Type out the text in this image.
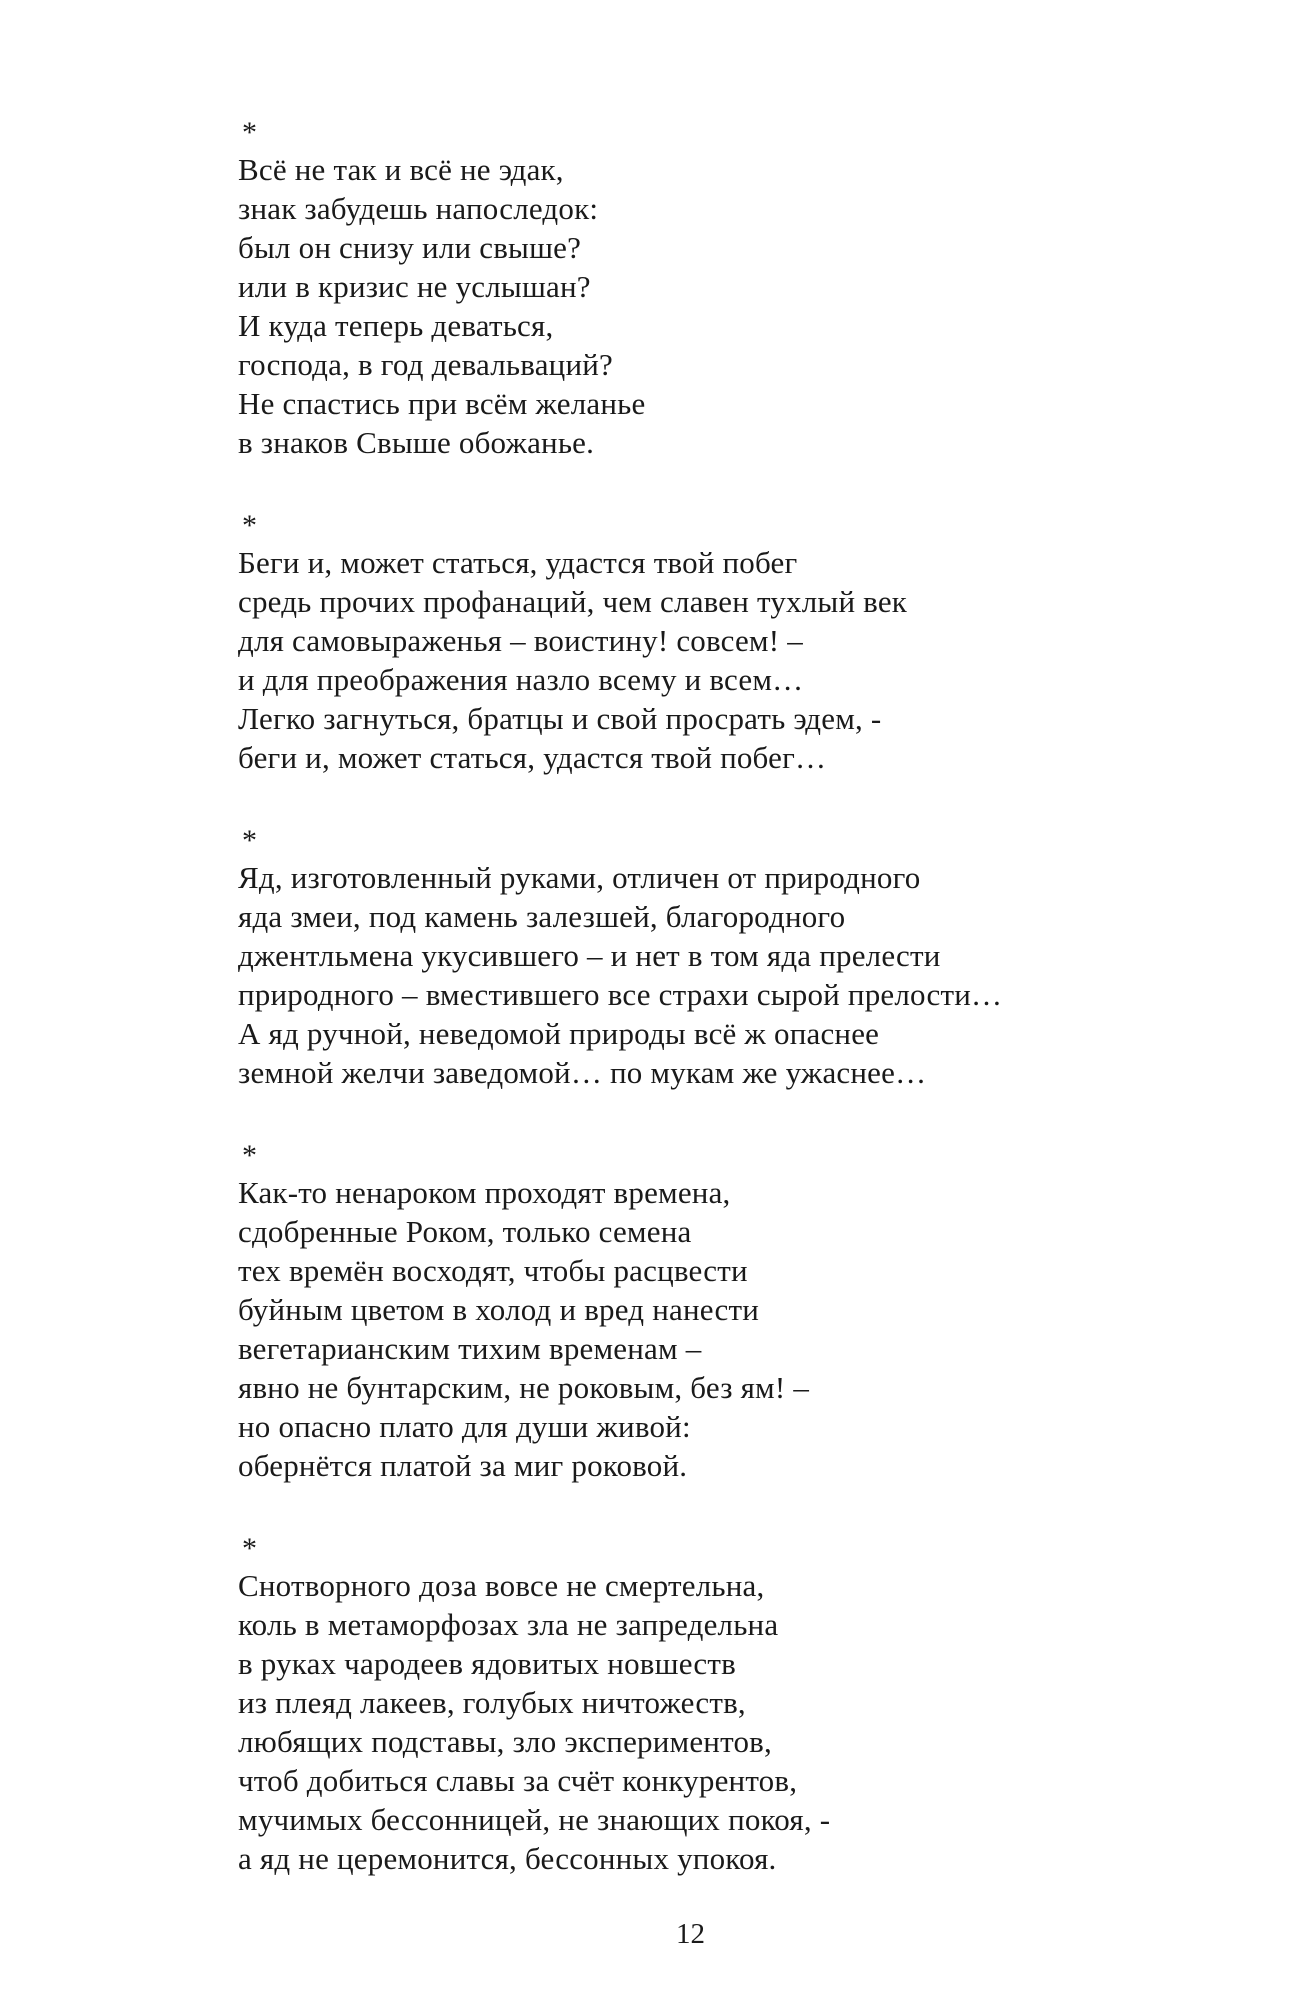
*
Всё не так и всё не эдак,
знак забудешь напоследок:
был он снизу или свыше?
или в кризис не услышан?
И куда теперь деваться,
господа, в год девальваций?
Не спастись при всём желанье
в знаков Свыше обожанье.
*
Беги и, может статься, удастся твой побег
средь прочих профанаций, чем славен тухлый век
для самовыраженья – воистину! совсем! –
и для преображения назло всему и всем…
Легко загнуться, братцы и свой просрать эдем, -
беги и, может статься, удастся твой побег…
*
Яд, изготовленный руками, отличен от природного
яда змеи, под камень залезшей, благородного
джентльмена укусившего – и нет в том яда прелести
природного – вместившего все страхи сырой прелости…
А яд ручной, неведомой природы всё ж опаснее
земной желчи заведомой… по мукам же ужаснее…
*
Как-то ненароком проходят времена,
сдобренные Роком, только семена
тех времён восходят, чтобы расцвести
буйным цветом в холод и вред нанести
вегетарианским тихим временам –
явно не бунтарским, не роковым, без ям! –
но опасно плато для души живой:
обернётся платой за миг роковой.
*
Снотворного доза вовсе не смертельна,
коль в метаморфозах зла не запредельна
в руках чародеев ядовитых новшеств
из плеяд лакеев, голубых ничтожеств,
любящих подставы, зло экспериментов,
чтоб добиться славы за счёт конкурентов,
мучимых бессонницей, не знающих покоя, -
а яд не церемонится, бессонных упокоя.
12
